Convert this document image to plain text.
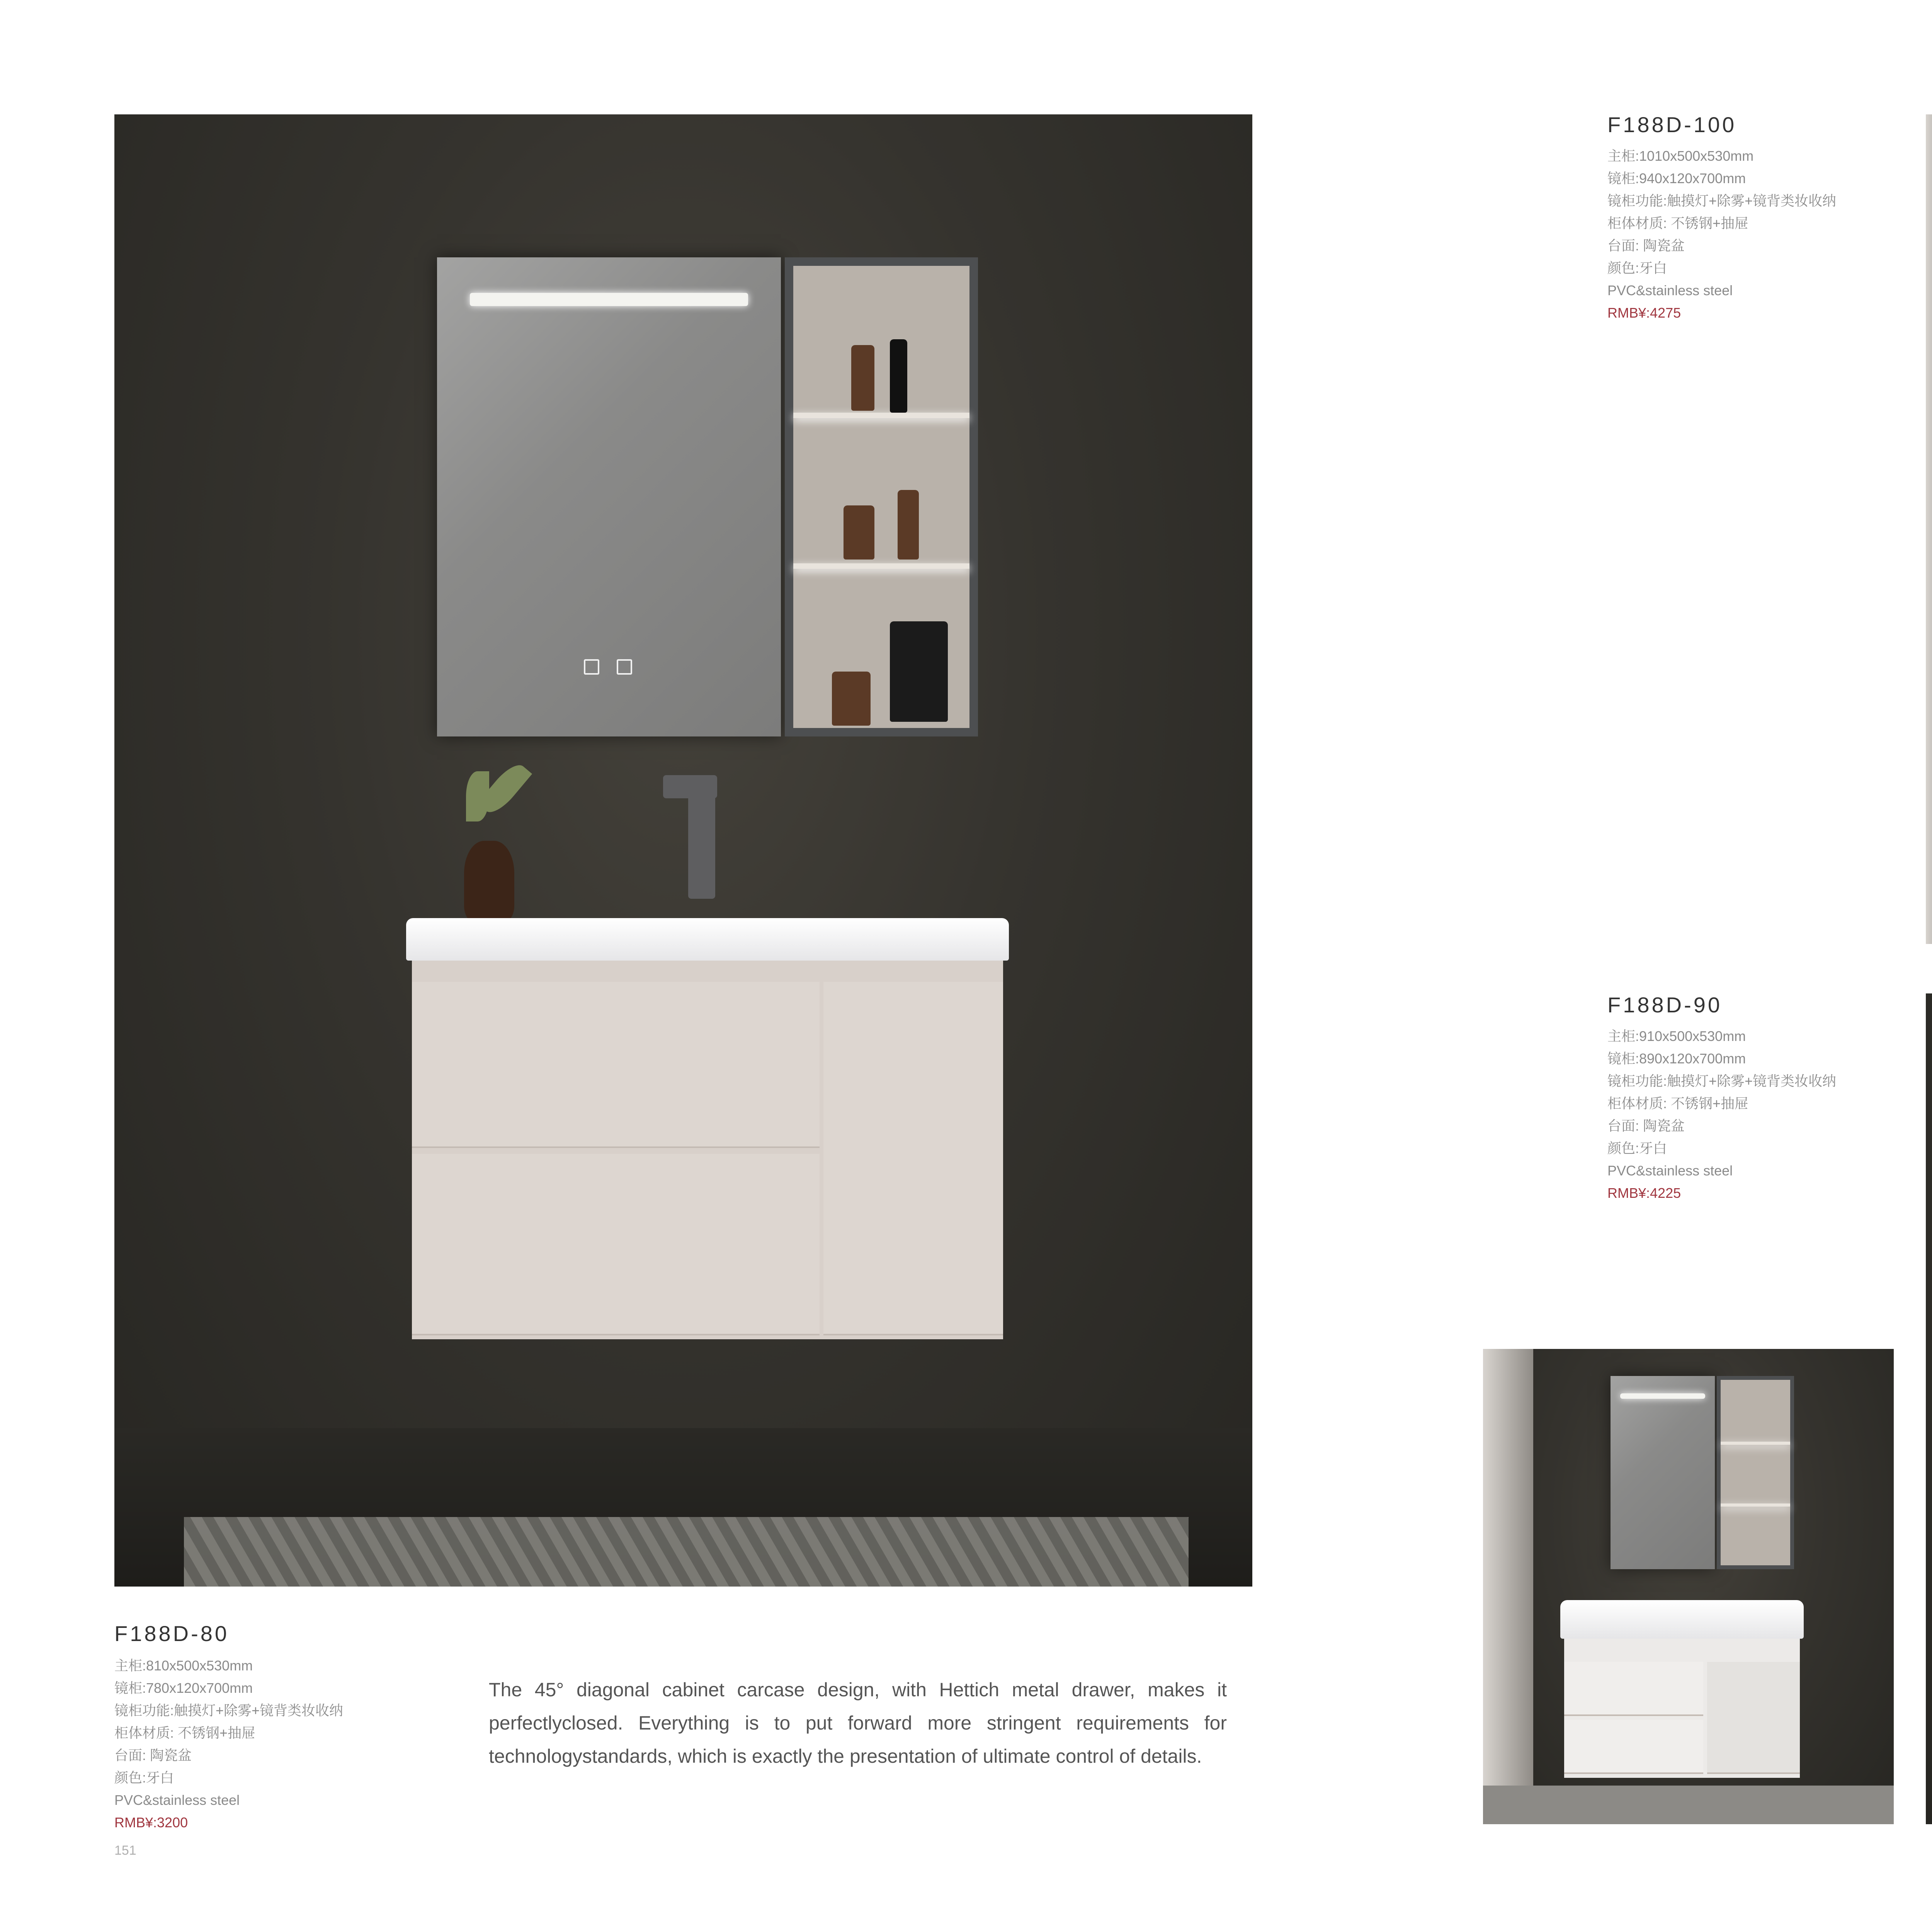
F188D-80
主柜:810x500x530mm
镜柜:780x120x700mm
镜柜功能:触摸灯+除雾+镜背类妆收纳
柜体材质: 不锈钢+抽屉
台面: 陶瓷盆
颜色:牙白
PVC&stainless steel
RMB¥:3200
The 45° diagonal cabinet carcase design, with Hettich metal drawer, makes it perfectlyclosed. Everything is to put forward more stringent requirements for technologystandards, which is exactly the presentation of ultimate control of details.
F188D-100
主柜:1010x500x530mm
镜柜:940x120x700mm
镜柜功能:触摸灯+除雾+镜背类妆收纳
柜体材质: 不锈钢+抽屉
台面: 陶瓷盆
颜色:牙白
PVC&stainless steel
RMB¥:4275
F188D-90
主柜:910x500x530mm
镜柜:890x120x700mm
镜柜功能:触摸灯+除雾+镜背类妆收纳
柜体材质: 不锈钢+抽屉
台面: 陶瓷盆
颜色:牙白
PVC&stainless steel
RMB¥:4225
151
